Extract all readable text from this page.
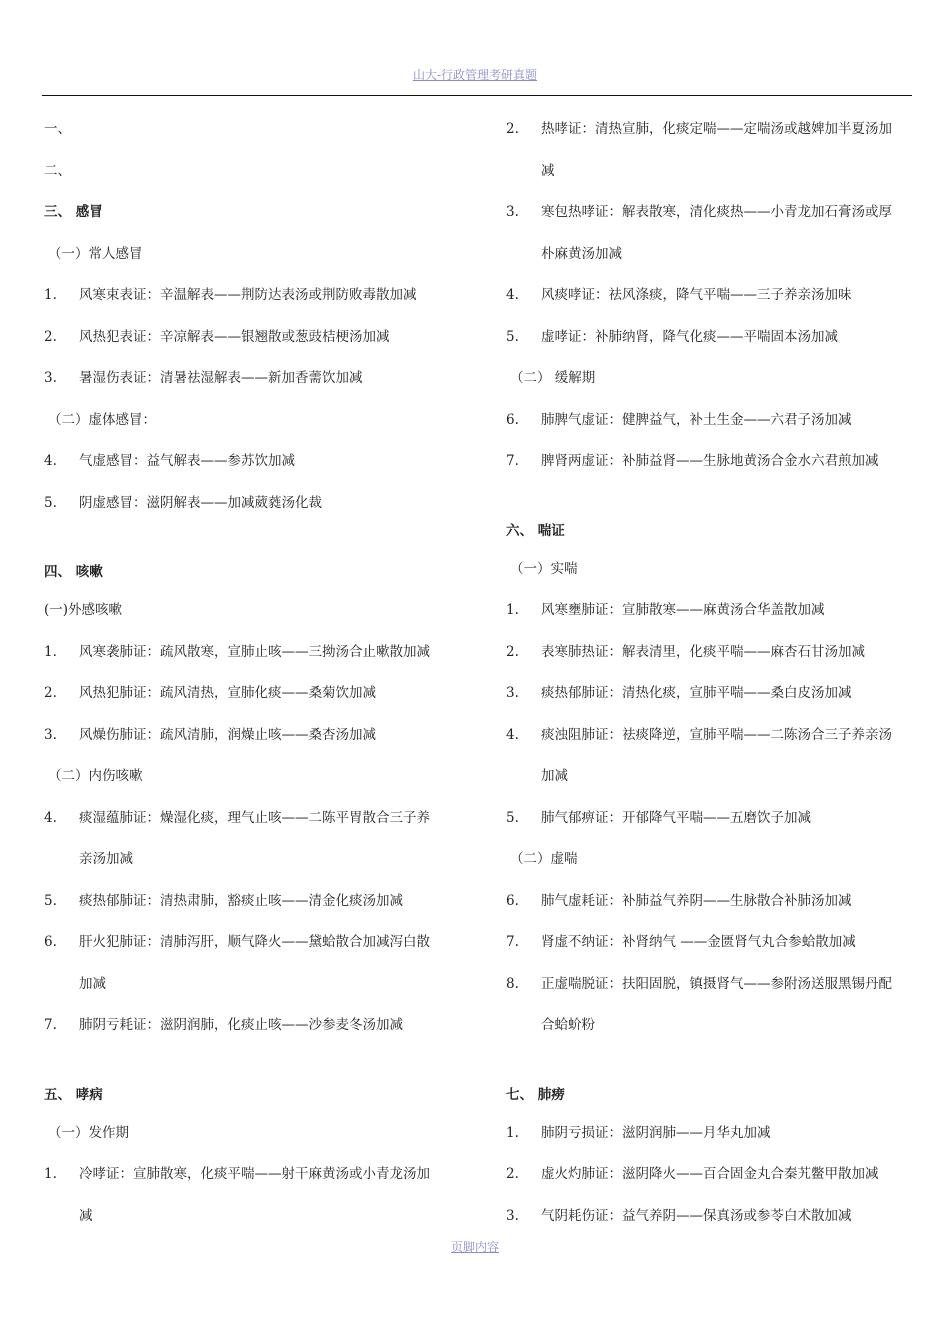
山大-行政管理考研真题
一、
二、
三、 感冒
（一）常人感冒
1. 风寒束表证：辛温解表——荆防达表汤或荆防败毒散加减
2. 风热犯表证：辛凉解表——银翘散或葱豉桔梗汤加减
3. 暑湿伤表证：清暑祛湿解表——新加香薷饮加减
（二）虚体感冒：
4. 气虚感冒：益气解表——参苏饮加减
5. 阴虚感冒：滋阴解表——加减葳蕤汤化裁
四、 咳嗽
(一)外感咳嗽
1. 风寒袭肺证：疏风散寒，宣肺止咳——三拗汤合止嗽散加减
2. 风热犯肺证：疏风清热，宣肺化痰——桑菊饮加减
3. 风燥伤肺证：疏风清肺，润燥止咳——桑杏汤加减
（二）内伤咳嗽
4. 痰湿蕴肺证：燥湿化痰，理气止咳——二陈平胃散合三子养
亲汤加减
5. 痰热郁肺证：清热肃肺，豁痰止咳——清金化痰汤加减
6. 肝火犯肺证：清肺泻肝，顺气降火——黛蛤散合加减泻白散
加减
7. 肺阴亏耗证：滋阴润肺，化痰止咳——沙参麦冬汤加减
五、 哮病
（一）发作期
1. 冷哮证：宣肺散寒，化痰平喘——射干麻黄汤或小青龙汤加
减
2. 热哮证：清热宣肺，化痰定喘——定喘汤或越婢加半夏汤加
减
3. 寒包热哮证：解表散寒，清化痰热——小青龙加石膏汤或厚
朴麻黄汤加减
4. 风痰哮证：祛风涤痰，降气平喘——三子养亲汤加味
5. 虚哮证：补肺纳肾，降气化痰——平喘固本汤加减
（二） 缓解期
6. 肺脾气虚证：健脾益气，补土生金——六君子汤加减
7. 脾肾两虚证：补肺益肾——生脉地黄汤合金水六君煎加减
六、 喘证
（一）实喘
1. 风寒壅肺证：宣肺散寒——麻黄汤合华盖散加减
2. 表寒肺热证：解表清里，化痰平喘——麻杏石甘汤加减
3. 痰热郁肺证：清热化痰，宣肺平喘——桑白皮汤加减
4. 痰浊阻肺证：祛痰降逆，宣肺平喘——二陈汤合三子养亲汤
加减
5. 肺气郁痹证：开郁降气平喘——五磨饮子加减
（二）虚喘
6. 肺气虚耗证：补肺益气养阴——生脉散合补肺汤加减
7. 肾虚不纳证：补肾纳气 ——金匮肾气丸合参蛤散加减
8. 正虚喘脱证：扶阳固脱，镇摄肾气——参附汤送服黑锡丹配
合蛤蚧粉
七、 肺痨
1. 肺阴亏损证：滋阴润肺——月华丸加减
2. 虚火灼肺证：滋阴降火——百合固金丸合秦艽鳖甲散加减
3. 气阴耗伤证：益气养阴——保真汤或参苓白术散加减
页脚内容
